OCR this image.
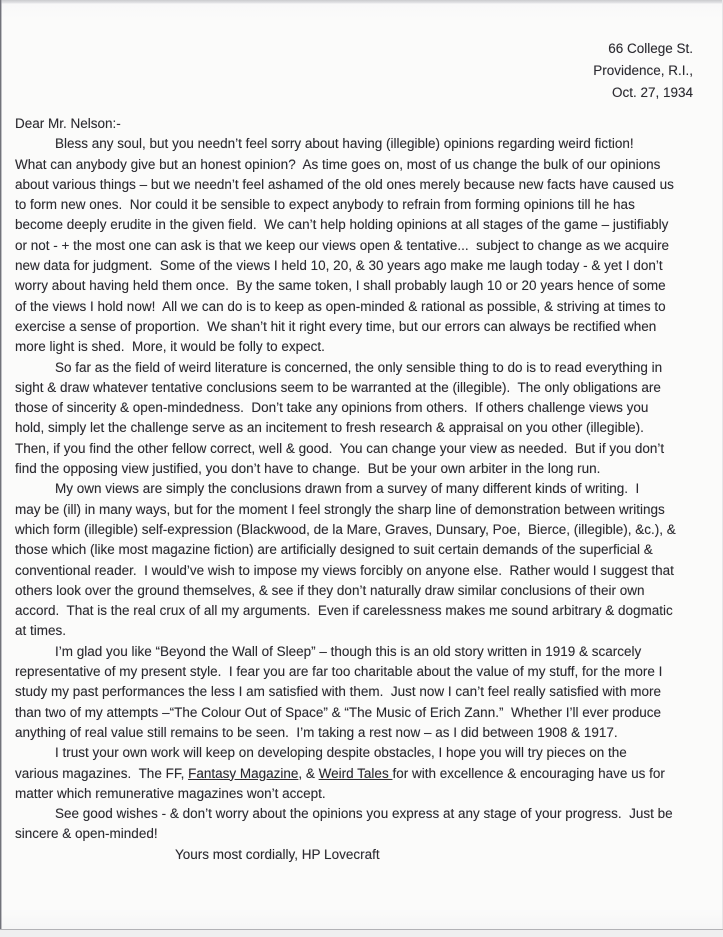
66 College St.
Providence, R.I.,
Oct. 27, 1934
Dear Mr. Nelson:-
Bless any soul, but you needn’t feel sorry about having (illegible) opinions regarding weird fiction!
What can anybody give but an honest opinion?  As time goes on, most of us change the bulk of our opinions
about various things – but we needn’t feel ashamed of the old ones merely because new facts have caused us
to form new ones.  Nor could it be sensible to expect anybody to refrain from forming opinions till he has
become deeply erudite in the given field.  We can’t help holding opinions at all stages of the game – justifiably
or not - + the most one can ask is that we keep our views open & tentative...  subject to change as we acquire
new data for judgment.  Some of the views I held 10, 20, & 30 years ago make me laugh today - & yet I don’t
worry about having held them once.  By the same token, I shall probably laugh 10 or 20 years hence of some
of the views I hold now!  All we can do is to keep as open-minded & rational as possible, & striving at times to
exercise a sense of proportion.  We shan’t hit it right every time, but our errors can always be rectified when
more light is shed.  More, it would be folly to expect.
So far as the field of weird literature is concerned, the only sensible thing to do is to read everything in
sight & draw whatever tentative conclusions seem to be warranted at the (illegible).  The only obligations are
those of sincerity & open-mindedness.  Don’t take any opinions from others.  If others challenge views you
hold, simply let the challenge serve as an incitement to fresh research & appraisal on you other (illegible).
Then, if you find the other fellow correct, well & good.  You can change your view as needed.  But if you don’t
find the opposing view justified, you don’t have to change.  But be your own arbiter in the long run.
My own views are simply the conclusions drawn from a survey of many different kinds of writing.  I
may be (ill) in many ways, but for the moment I feel strongly the sharp line of demonstration between writings
which form (illegible) self-expression (Blackwood, de la Mare, Graves, Dunsary, Poe,  Bierce, (illegible), &c.), &
those which (like most magazine fiction) are artificially designed to suit certain demands of the superficial &
conventional reader.  I would’ve wish to impose my views forcibly on anyone else.  Rather would I suggest that
others look over the ground themselves, & see if they don’t naturally draw similar conclusions of their own
accord.  That is the real crux of all my arguments.  Even if carelessness makes me sound arbitrary & dogmatic
at times.
I’m glad you like “Beyond the Wall of Sleep” – though this is an old story written in 1919 & scarcely
representative of my present style.  I fear you are far too charitable about the value of my stuff, for the more I
study my past performances the less I am satisfied with them.  Just now I can’t feel really satisfied with more
than two of my attempts –“The Colour Out of Space” & “The Music of Erich Zann.”  Whether I’ll ever produce
anything of real value still remains to be seen.  I’m taking a rest now – as I did between 1908 & 1917.
I trust your own work will keep on developing despite obstacles, I hope you will try pieces on the
various magazines.  The FF, Fantasy Magazine, & Weird Tales for with excellence & encouraging have us for
matter which remunerative magazines won’t accept.
See good wishes - & don’t worry about the opinions you express at any stage of your progress.  Just be
sincere & open-minded!
Yours most cordially, HP Lovecraft
